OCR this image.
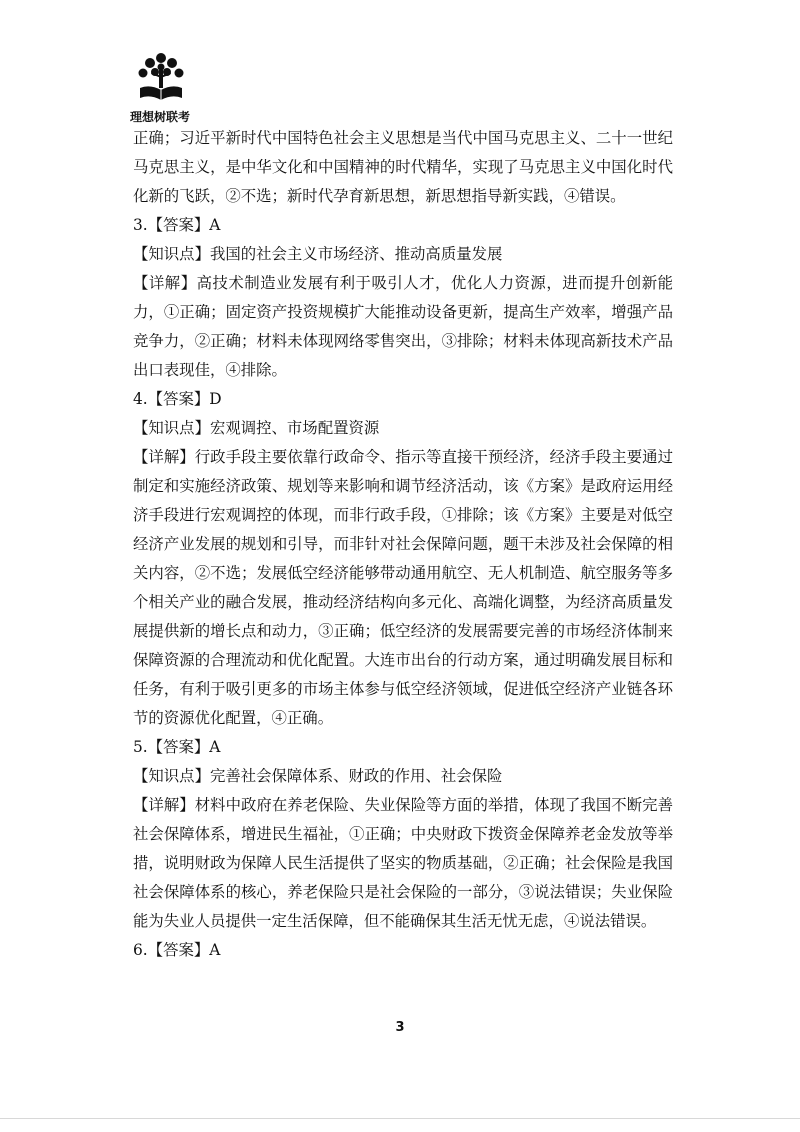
理想树联考

正确；习近平新时代中国特色社会主义思想是当代中国马克思主义、二十一世纪马克思主义，是中华文化和中国精神的时代精华，实现了马克思主义中国化时代化新的飞跃，②不选；新时代孕育新思想，新思想指导新实践，④错误。

3.【答案】A

【知识点】我国的社会主义市场经济、推动高质量发展

【详解】高技术制造业发展有利于吸引人才，优化人力资源，进而提升创新能力，①正确；固定资产投资规模扩大能推动设备更新，提高生产效率，增强产品竞争力，②正确；材料未体现网络零售突出，③排除；材料未体现高新技术产品出口表现佳，④排除。

4.【答案】D

【知识点】宏观调控、市场配置资源

【详解】行政手段主要依靠行政命令、指示等直接干预经济，经济手段主要通过制定和实施经济政策、规划等来影响和调节经济活动，该《方案》是政府运用经济手段进行宏观调控的体现，而非行政手段，①排除；该《方案》主要是对低空经济产业发展的规划和引导，而非针对社会保障问题，题干未涉及社会保障的相关内容，②不选；发展低空经济能够带动通用航空、无人机制造、航空服务等多个相关产业的融合发展，推动经济结构向多元化、高端化调整，为经济高质量发展提供新的增长点和动力，③正确；低空经济的发展需要完善的市场经济体制来保障资源的合理流动和优化配置。大连市出台的行动方案，通过明确发展目标和任务，有利于吸引更多的市场主体参与低空经济领域，促进低空经济产业链各环节的资源优化配置，④正确。

5.【答案】A

【知识点】完善社会保障体系、财政的作用、社会保险

【详解】材料中政府在养老保险、失业保险等方面的举措，体现了我国不断完善社会保障体系，增进民生福祉，①正确；中央财政下拨资金保障养老金发放等举措，说明财政为保障人民生活提供了坚实的物质基础，②正确；社会保险是我国社会保障体系的核心，养老保险只是社会保险的一部分，③说法错误；失业保险能为失业人员提供一定生活保障，但不能确保其生活无忧无虑，④说法错误。

6.【答案】A

3
